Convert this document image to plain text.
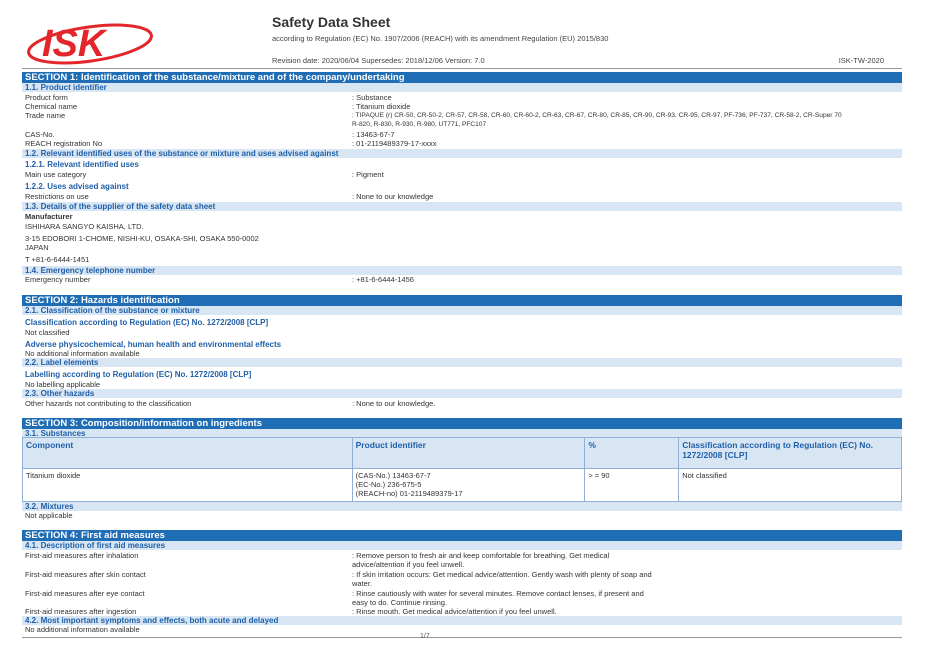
ISK
Safety Data Sheet
according to Regulation (EC) No. 1907/2006 (REACH) with its amendment Regulation (EU) 2015/830
Revision date: 2020/06/04 Supersedes: 2018/12/06 Version: 7.0	ISK-TW-2020
SECTION 1: Identification of the substance/mixture and of the company/undertaking
1.1. Product identifier
Product form	: Substance
Chemical name	: Titanium dioxide
Trade name	: TIPAQUE (r) CR-50, CR-50-2, CR-57, CR-58, CR-60, CR-60-2, CR-63, CR-67, CR-80, CR-85, CR-90, CR-93, CR-95, CR-97, PF-736, PF-737, CR-58-2, CR-Super 70
R-820, R-830, R-930, R-980, UT771, PFC107
CAS-No.	: 13463-67-7
REACH registration No	: 01-2119489379-17-xxxx
1.2. Relevant identified uses of the substance or mixture and uses advised against
1.2.1. Relevant identified uses
Main use category	: Pigment
1.2.2. Uses advised against
Restrictions on use	: None to our knowledge
1.3. Details of the supplier of the safety data sheet
Manufacturer
ISHIHARA SANGYO KAISHA, LTD.
3-15 EDOBORI 1-CHOME, NISHI-KU, OSAKA-SHI, OSAKA 550-0002
JAPAN
T +81-6-6444-1451
1.4. Emergency telephone number
Emergency number	: +81-6-6444-1456
SECTION 2: Hazards identification
2.1. Classification of the substance or mixture
Classification according to Regulation (EC) No. 1272/2008 [CLP]
Not classified
Adverse physicochemical, human health and environmental effects
No additional information available
2.2. Label elements
Labelling according to Regulation (EC) No. 1272/2008 [CLP]
No labelling applicable
2.3. Other hazards
Other hazards not contributing to the classification	: None to our knowledge.
SECTION 3: Composition/information on ingredients
3.1. Substances
Component	Product identifier	%	Classification according to Regulation (EC) No. 1272/2008 [CLP]
Titanium dioxide	(CAS-No.) 13463-67-7
(EC-No.) 236-675-5
(REACH-no) 01-2119489379-17	> = 90	Not classified
3.2. Mixtures
Not applicable
SECTION 4: First aid measures
4.1. Description of first aid measures
First-aid measures after inhalation	: Remove person to fresh air and keep comfortable for breathing. Get medical
advice/attention if you feel unwell.
First-aid measures after skin contact	: If skin irritation occurs: Get medical advice/attention. Gently wash with plenty of soap and
water.
First-aid measures after eye contact	: Rinse cautiously with water for several minutes. Remove contact lenses, if present and
easy to do. Continue rinsing.
First-aid measures after ingestion	: Rinse mouth. Get medical advice/attention if you feel unwell.
4.2. Most important symptoms and effects, both acute and delayed
No additional information available
1/7
